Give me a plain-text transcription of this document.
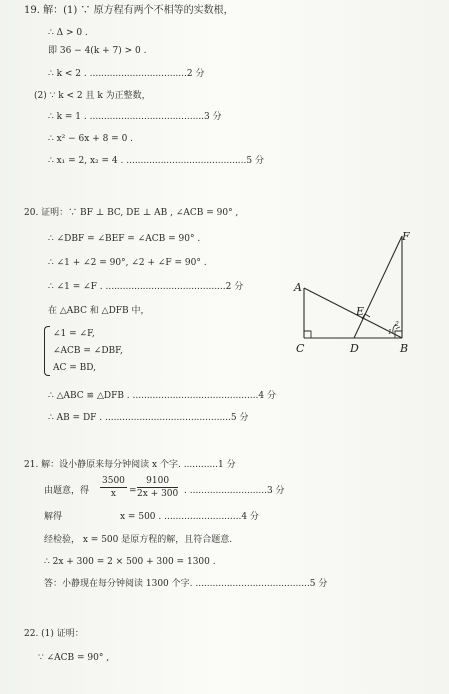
19. 解：(1) ∵ 原方程有两个不相等的实数根，
∴ Δ > 0 .
即 36 − 4(k + 7) > 0 .
∴ k < 2 . ..................................2 分
(2) ∵ k < 2 且 k 为正整数，
∴ k = 1 . ........................................3 分
∴ x² − 6x + 8 = 0 .
∴ x₁ = 2, x₂ = 4 . ..........................................5 分
20. 证明：∵ BF ⊥ BC, DE ⊥ AB , ∠ACB = 90° ,
∴ ∠DBF = ∠BEF = ∠ACB = 90° .
∴ ∠1 + ∠2 = 90°, ∠2 + ∠F = 90° .
∴ ∠1 = ∠F . ..........................................2 分
在 △ABC 和 △DFB 中，
∠1 = ∠F,
∠ACB = ∠DBF,
AC = BD,
∴ △ABC ≌ △DFB . ............................................4 分
∴ AB = DF . ............................................5 分
A
B
C	D
E
F
1
2
21. 解：设小静原来每分钟阅读 x 个字. ............1 分
由题意，得 $\frac{3500}{x} = \frac{9100}{2x + 300}$ . ...........................3 分
解得	x = 500 . ...........................4 分
经检验， x = 500 是原方程的解，且符合题意.
∴ 2x + 300 = 2 × 500 + 300 = 1300 .
答：小静现在每分钟阅读 1300 个字. ........................................5 分
22. (1) 证明：
∵ ∠ACB = 90° ,
